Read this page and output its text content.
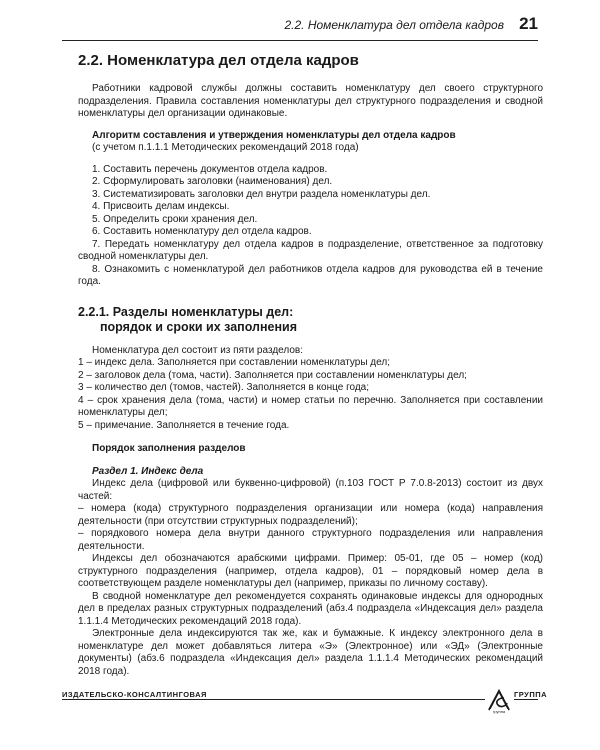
2.2. Номенклатура дел отдела кадров 21
2.2. Номенклатура дел отдела кадров

Работники кадровой службы должны составить номенклатуру дел своего структурного подразделения. Правила составления номенклатуры дел структурного подразделения и сводной номенклатуры дел организации одинаковые.

Алгоритм составления и утверждения номенклатуры дел отдела кадров

(с учетом п.1.1.1 Методических рекомендаций 2018 года)

1. Составить перечень документов отдела кадров.
2. Сформулировать заголовки (наименования) дел.
3. Систематизировать заголовки дел внутри раздела номенклатуры дел.
4. Присвоить делам индексы.
5. Определить сроки хранения дел.
6. Составить номенклатуру дел отдела кадров.
7. Передать номенклатуру дел отдела кадров в подразделение, ответственное за подготовку сводной номенклатуры дел.
8. Ознакомить с номенклатурой дел работников отдела кадров для руководства ей в течение года.
2.2.1. Разделы номенклатуры дел:
порядок и сроки их заполнения

Номенклатура дел состоит из пяти разделов:

1 – индекс дела. Заполняется при составлении номенклатуры дел;

2 – заголовок дела (тома, части). Заполняется при составлении номенклатуры дел;

3 – количество дел (томов, частей). Заполняется в конце года;

4 – срок хранения дела (тома, части) и номер статьи по перечню. Заполняется при составлении номенклатуры дел;

5 – примечание. Заполняется в течение года.

Порядок заполнения разделов

Раздел 1. Индекс дела

Индекс дела (цифровой или буквенно-цифровой) (п.103 ГОСТ Р 7.0.8-2013) состоит из двух частей:

– номера (кода) структурного подразделения организации или номера (кода) направления деятельности (при отсутствии структурных подразделений);

– порядкового номера дела внутри данного структурного подразделения или направления деятельности.

Индексы дел обозначаются арабскими цифрами. Пример: 05-01, где 05 – номер (код) структурного подразделения (например, отдела кадров), 01 – порядковый номер дела в соответствующем разделе номенклатуры дел (например, приказы по личному составу).

В сводной номенклатуре дел рекомендуется сохранять одинаковые индексы для однородных дел в пределах разных структурных подразделений (абз.4 подраздела «Индексация дел» раздела 1.1.1.4 Методических рекомендаций 2018 года).

Электронные дела индексируются так же, как и бумажные. К индексу электронного дела в номенклатуре дел может добавляться литера «Э» (Электронное) или «ЭД» (Электронные документы) (абз.6 подраздела «Индексация дел» раздела 1.1.1.4 Методических рекомендаций 2018 года).

ИЗДАТЕЛЬСКО-КОНСАЛТИНГОВАЯ
группа
ГРУППА
